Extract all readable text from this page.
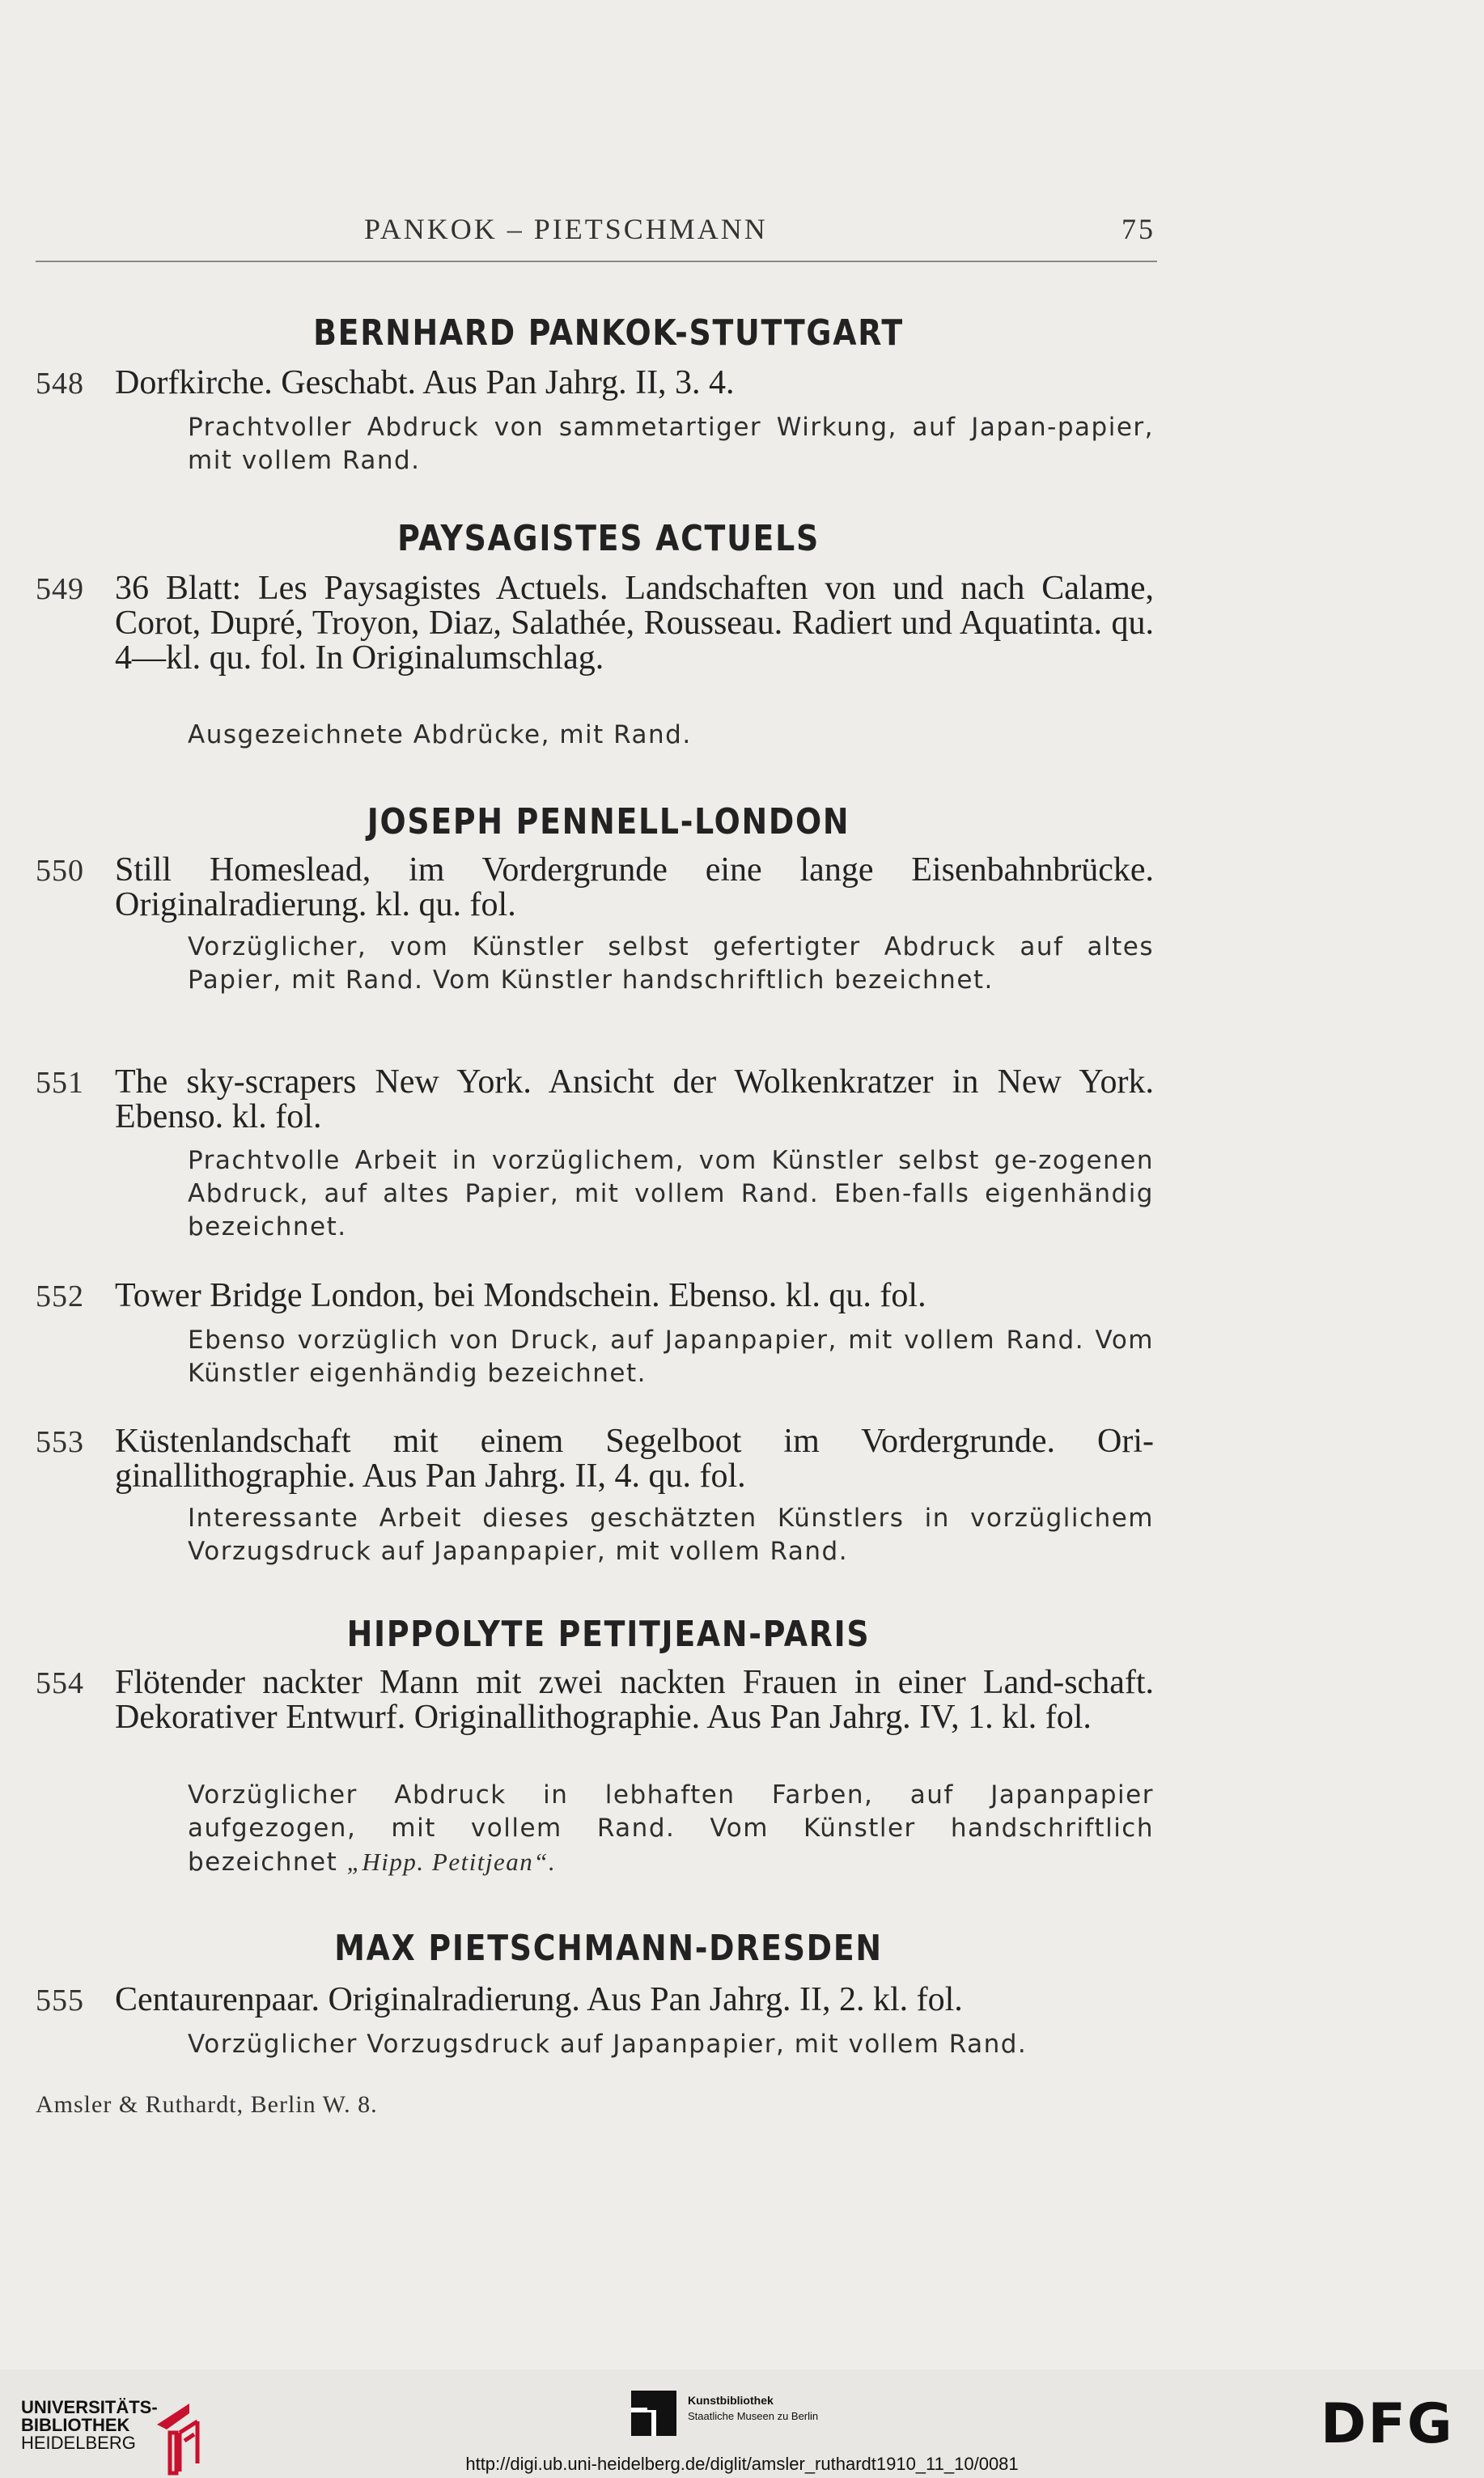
PANKOK – PIETSCHMANN	75
BERNHARD PANKOK-STUTTGART
548 Dorfkirche. Geschabt. Aus Pan Jahrg. II, 3. 4.
Prachtvoller Abdruck von sammetartiger Wirkung, auf Japan-papier, mit vollem Rand.
PAYSAGISTES ACTUELS
549 36 Blatt: Les Paysagistes Actuels. Landschaften von und nach Calame, Corot, Dupré, Troyon, Diaz, Salathée, Rousseau. Radiert und Aquatinta. qu. 4—kl. qu. fol. In Originalumschlag.
Ausgezeichnete Abdrücke, mit Rand.
JOSEPH PENNELL-LONDON
550 Still Homeslead, im Vordergrunde eine lange Eisenbahnbrücke. Originalradierung. kl. qu. fol.
Vorzüglicher, vom Künstler selbst gefertigter Abdruck auf altes Papier, mit Rand. Vom Künstler handschriftlich bezeichnet.
551 The sky-scrapers New York. Ansicht der Wolkenkratzer in New York. Ebenso. kl. fol.
Prachtvolle Arbeit in vorzüglichem, vom Künstler selbst ge-zogenen Abdruck, auf altes Papier, mit vollem Rand. Eben-falls eigenhändig bezeichnet.
552 Tower Bridge London, bei Mondschein. Ebenso. kl. qu. fol.
Ebenso vorzüglich von Druck, auf Japanpapier, mit vollem Rand. Vom Künstler eigenhändig bezeichnet.
553 Küstenlandschaft mit einem Segelboot im Vordergrunde. Ori-ginallithographie. Aus Pan Jahrg. II, 4. qu. fol.
Interessante Arbeit dieses geschätzten Künstlers in vorzüglichem Vorzugsdruck auf Japanpapier, mit vollem Rand.
HIPPOLYTE PETITJEAN-PARIS
554 Flötender nackter Mann mit zwei nackten Frauen in einer Land-schaft. Dekorativer Entwurf. Originallithographie. Aus Pan Jahrg. IV, 1. kl. fol.
Vorzüglicher Abdruck in lebhaften Farben, auf Japanpapier aufgezogen, mit vollem Rand. Vom Künstler handschriftlich bezeichnet „Hipp. Petitjean“.
MAX PIETSCHMANN-DRESDEN
555 Centaurenpaar. Originalradierung. Aus Pan Jahrg. II, 2. kl. fol.
Vorzüglicher Vorzugsdruck auf Japanpapier, mit vollem Rand.
Amsler & Ruthardt, Berlin W. 8.
UNIVERSITÄTS-
BIBLIOTHEK
HEIDELBERG
Kunstbibliothek
Staatliche Museen zu Berlin	DFG
http://digi.ub.uni-heidelberg.de/diglit/amsler_ruthardt1910_11_10/0081
